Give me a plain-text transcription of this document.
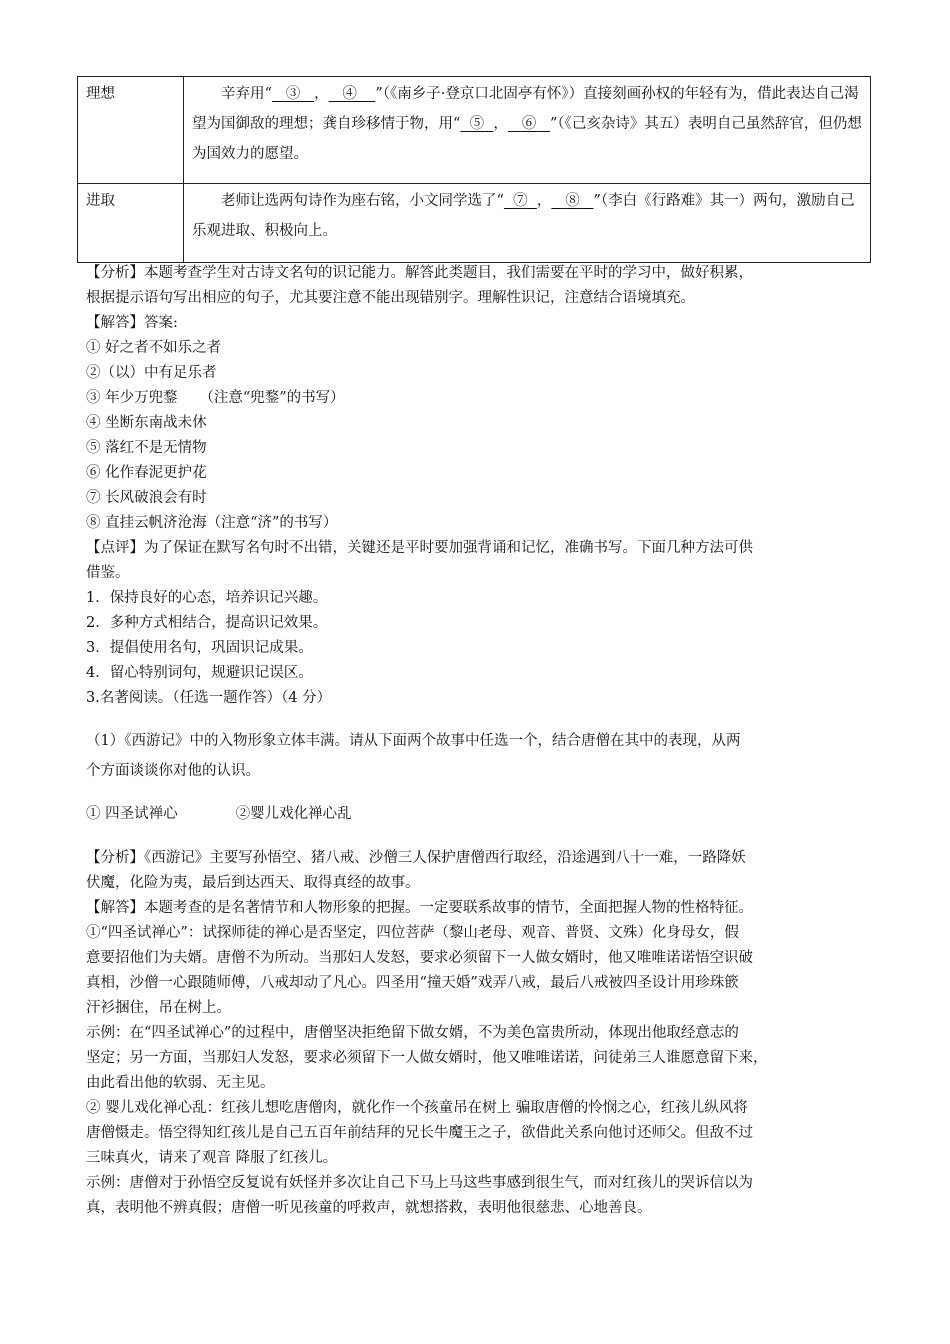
理想	辛弃用“ ③ ， ④ ”（《南乡子·登京口北固亭有怀》）直接刻画孙权的年轻有为，借此表达自己渴望为国御敌的理想；龚自珍移情于物，用“ ⑤ ， ⑥ ”（《己亥杂诗》其五）表明自己虽然辞官，但仍想为国效力的愿望。
进取	老师让选两句诗作为座右铭，小文同学选了“ ⑦ ， ⑧ ”（李白《行路难》其一）两句，激励自己乐观进取、积极向上。
【分析】本题考查学生对古诗文名句的识记能力。解答此类题目，我们需要在平时的学习中，做好积累，
根据提示语句写出相应的句子，尤其要注意不能出现错别字。理解性识记，注意结合语境填充。
【解答】答案:
① 好之者不如乐之者
②（以）中有足乐者
③ 年少万兜鍪　　（注意“兜鍪”的书写）
④ 坐断东南战未休
⑤ 落红不是无情物
⑥ 化作春泥更护花
⑦ 长风破浪会有时
⑧ 直挂云帆济沧海（注意“济”的书写）
【点评】为了保证在默写名句时不出错，关键还是平时要加强背诵和记忆，准确书写。下面几种方法可供
借鉴。
1．保持良好的心态，培养识记兴趣。
2．多种方式相结合，提高识记效果。
3．提倡使用名句，巩固识记成果。
4．留心特别词句，规避识记误区。
3.名著阅读。（任选一题作答）（4 分）
（1）《西游记》中的入物形象立体丰满。请从下面两个故事中任选一个，结合唐僧在其中的表现，从两
个方面谈谈你对他的认识。
① 四圣试禅心	②婴儿戏化禅心乱
【分析】《西游记》主要写孙悟空、猪八戒、沙僧三人保护唐僧西行取经，沿途遇到八十一难，一路降妖
伏魔，化险为夷，最后到达西天、取得真经的故事。
【解答】本题考查的是名著情节和人物形象的把握。一定要联系故事的情节，全面把握人物的性格特征。
①“四圣试禅心”：试探师徒的禅心是否坚定，四位菩萨（黎山老母、观音、普贤、文殊）化身母女，假
意要招他们为夫婿。唐僧不为所动。当那妇人发怒，要求必须留下一人做女婿时，他又唯唯诺诺悟空识破
真相，沙僧一心跟随师傅，八戒却动了凡心。四圣用“撞天婚”戏弄八戒，最后八戒被四圣设计用珍珠篏
汗衫捆住，吊在树上。
示例：在“四圣试禅心”的过程中，唐僧坚决拒绝留下做女婿，不为美色富贵所动，体现出他取经意志的
坚定；另一方面，当那妇人发怒，要求必须留下一人做女婿时，他又唯唯诺诺，问徒弟三人谁愿意留下来，
由此看出他的软弱、无主见。
② 婴儿戏化禅心乱：红孩儿想吃唐僧肉，就化作一个孩童吊在树上 骗取唐僧的怜悯之心，红孩儿纵风将
唐僧慑走。悟空得知红孩儿是自己五百年前结拜的兄长牛魔王之子，欲借此关系向他讨还师父。但敌不过
三味真火，请来了观音 降服了红孩儿。
示例：唐僧对于孙悟空反复说有妖怪并多次让自己下马上马这些事感到很生气，而对红孩儿的哭诉信以为
真，表明他不辨真假；唐僧一听见孩童的呼救声，就想搭救，表明他很慈悲、心地善良。
